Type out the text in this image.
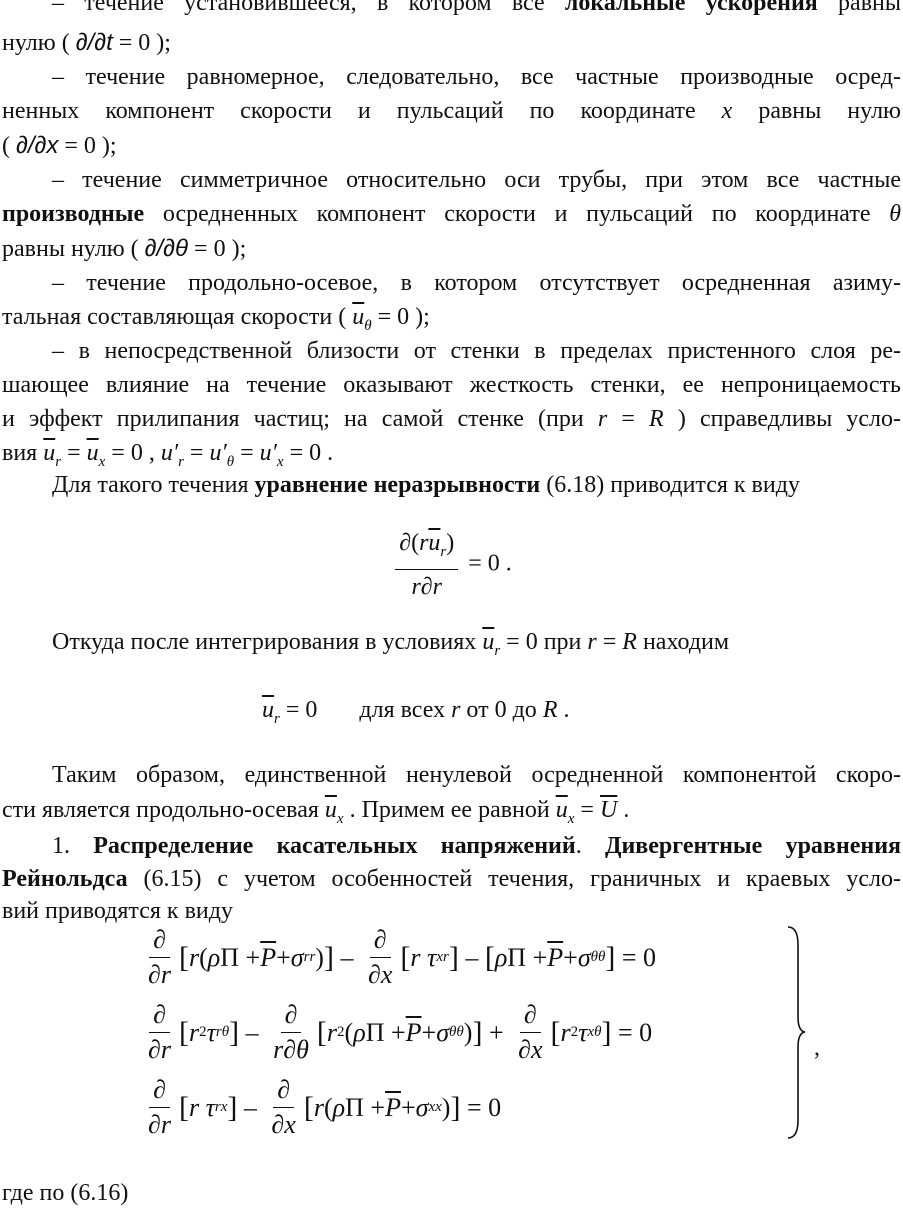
– течение установившееся, в котором все локальные ускорения равны
нулю ( ∂/∂t = 0 );
– течение равномерное, следовательно, все частные производные осред-
ненных компонент скорости и пульсаций по координате x равны нулю
( ∂/∂x = 0 );
– течение симметричное относительно оси трубы, при этом все частные
производные осредненных компонент скорости и пульсаций по координате θ
равны нулю ( ∂/∂θ = 0 );
– течение продольно-осевое, в котором отсутствует осредненная азиму-
тальная составляющая скорости ( $\overline{u}_\theta = 0$ );
– в непосредственной близости от стенки в пределах пристенного слоя ре-
шающее влияние на течение оказывают жесткость стенки, ее непроницаемость
и эффект прилипания частиц; на самой стенке (при r = R ) справедливы усло-
вия $\overline{u}_r = \overline{u}_x = 0$ , $u'_r = u'_\theta = u'_x = 0$ .
Для такого течения уравнение неразрывности (6.18) приводится к виду
$\frac{\partial(r\overline{u}_r)}{r\partial r} = 0$ .
Откуда после интегрирования в условиях $\overline{u}_r = 0$ при r = R находим
$\overline{u}_r = 0$       для всех r от 0 до R .
Таким образом, единственной ненулевой осредненной компонентой скоро-
сти является продольно-осевая $\overline{u}_x$ . Примем ее равной $\overline{u}_x = \overline{U}$ .
1. Распределение касательных напряжений. Дивергентные уравнения
Рейнольдса (6.15) с учетом особенностей течения, граничных и краевых усло-
вий приводятся к виду
$\frac{\partial}{\partial r}$ [ r ( ρ $\Pi + \overline{P} + \sigma$ rr ) ] – $\frac{\partial}{\partial x}$ [ r τ xr ] – [ ρ $\Pi + \overline{P} + \sigma$ θθ ] = 0
$\frac{\partial}{\partial r}$ [ r 2 τ rθ ] – $\frac{\partial}{r\partial\theta}$ [ r 2 ( ρ $\Pi + \overline{P} + \sigma$ θθ ) ] + $\frac{\partial}{\partial x}$ [ r 2 τ xθ ] = 0
$\frac{\partial}{\partial r}$ [ r τ rx ] – $\frac{\partial}{\partial x}$ [ r ( ρ $\Pi + \overline{P} + \sigma$ xx ) ] = 0
,
где по (6.16)
